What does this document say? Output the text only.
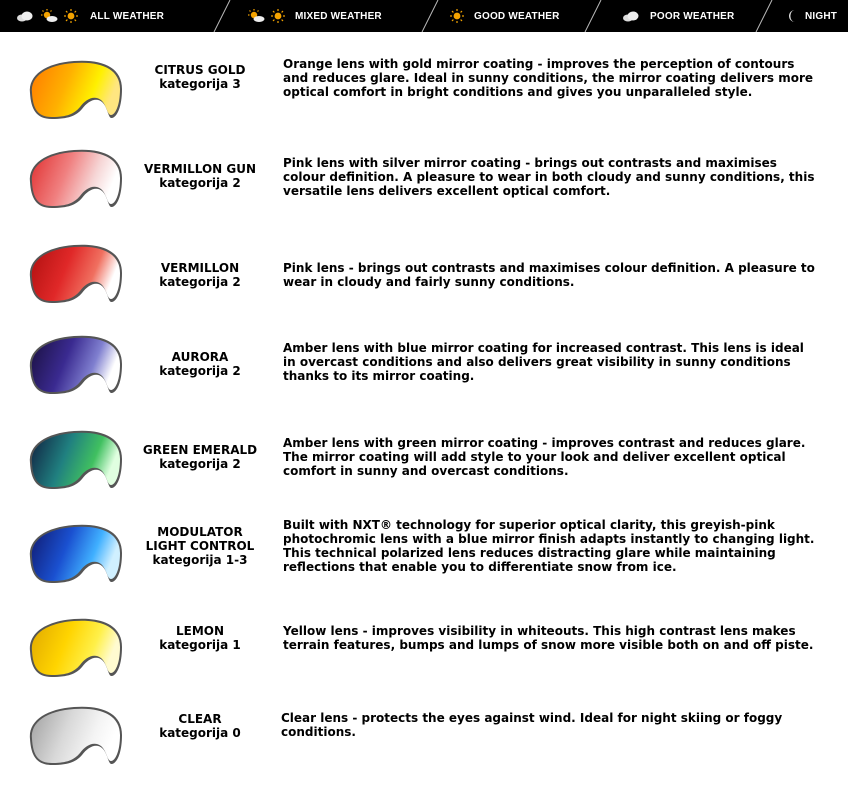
ALL WEATHER	MIXED WEATHER	GOOD WEATHER	POOR WEATHER	NIGHT
CITRUS GOLD
kategorija 3
Orange lens with gold mirror coating - improves the perception of contours and reduces glare. Ideal in sunny conditions, the mirror coating delivers more optical comfort in bright conditions and gives you unparalleled style.
VERMILLON GUN
kategorija 2
Pink lens with silver mirror coating - brings out contrasts and maximises colour definition. A pleasure to wear in both cloudy and sunny conditions, this versatile lens delivers excellent optical comfort.
VERMILLON
kategorija 2
Pink lens - brings out contrasts and maximises colour definition. A pleasure to wear in cloudy and fairly sunny conditions.
AURORA
kategorija 2
Amber lens with blue mirror coating for increased contrast. This lens is ideal in overcast conditions and also delivers great visibility in sunny conditions thanks to its mirror coating.
GREEN EMERALD
kategorija 2
Amber lens with green mirror coating - improves contrast and reduces glare. The mirror coating will add style to your look and deliver excellent optical comfort in sunny and overcast conditions.
MODULATOR
LIGHT CONTROL
kategorija 1-3
Built with NXT® technology for superior optical clarity, this greyish-pink photochromic lens with a blue mirror finish adapts instantly to changing light. This technical polarized lens reduces distracting glare while maintaining reflections that enable you to differentiate snow from ice.
LEMON
kategorija 1
Yellow lens - improves visibility in whiteouts. This high contrast lens makes terrain features, bumps and lumps of snow more visible both on and off piste.
CLEAR
kategorija 0
Clear lens - protects the eyes against wind. Ideal for night skiing or foggy conditions.
